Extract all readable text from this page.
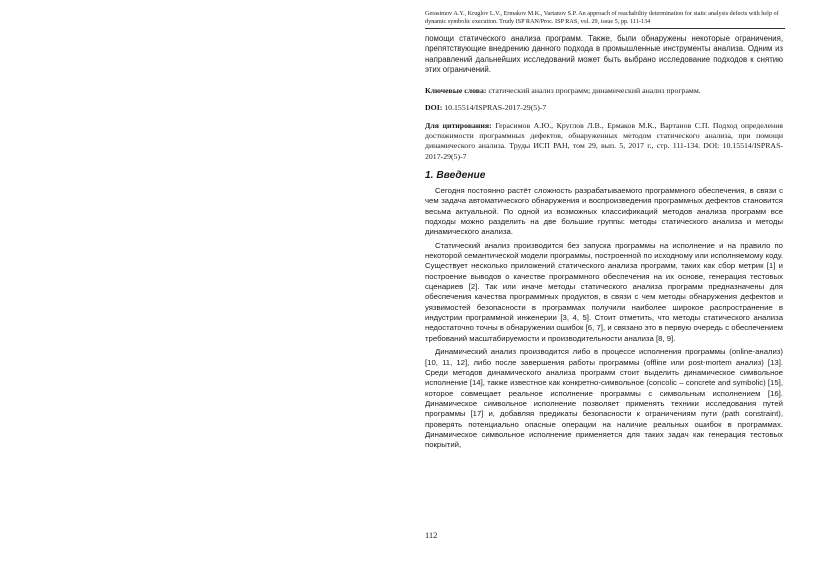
Gerasimov A.Y., Kruglov L.V., Ermakov M.K., Vartanov S.P. An approach of reachability determination for static analysis defects with help of dynamic symbolic execution. Trudy ISP RAN/Proc. ISP RAS, vol. 29, issue 5, pp. 111-134
помощи статического анализа программ. Также, были обнаружены некоторые ограничения, препятствующие внедрению данного подхода в промышленные инструменты анализа. Одним из направлений дальнейших исследований может быть выбрано исследование подходов к снятию этих ограничений.
Ключевые слова: статический анализ программ; динамический анализ программ.
DOI: 10.15514/ISPRAS-2017-29(5)-7
Для цитирования: Герасимов А.Ю., Круглов Л.В., Ермаков М.К., Вартанов С.П. Подход определения достижимости программных дефектов, обнаруженных методом статического анализа, при помощи динамического анализа. Труды ИСП РАН, том 29, вып. 5, 2017 г., стр. 111-134. DOI: 10.15514/ISPRAS-2017-29(5)-7
1. Введение

Сегодня постоянно растёт сложность разрабатываемого программного обеспечения, в связи с чем задача автоматического обнаружения и воспроизведения программных дефектов становится весьма актуальной. По одной из возможных классификаций методов анализа программ все подходы можно разделить на две большие группы: методы статического анализа и методы динамического анализа.

Статический анализ производится без запуска программы на исполнение и на правило по некоторой семантической модели программы, построенной по исходному или исполняемому коду. Существует несколько приложений статического анализа программ, таких как сбор метрик [1] и построение выводов о качестве программного обеспечения на их основе, генерация тестовых сценариев [2]. Так или иначе методы статического анализа программ предназначены для обеспечения качества программных продуктов, в связи с чем методы обнаружения дефектов и уязвимостей безопасности в программах получили наиболее широкое распространение в индустрии программной инженерии [3, 4, 5]. Стоит отметить, что методы статического анализа недостаточно точны в обнаружении ошибок [6, 7], и связано это в первую очередь с обеспечением требований масштабируемости и производительности анализа [8, 9].

Динамический анализ производится либо в процессе исполнения программы (online-анализ) [10, 11, 12], либо после завершения работы программы (offline или post-mortem анализ) [13]. Среди методов динамического анализа программ стоит выделить динамическое символьное исполнение [14], также известное как конкретно-символьное (concolic – concrete and symbolic) [15], которое совмещает реальное исполнение программы с символьным исполнением [16]. Динамическое символьное исполнение позволяет применять техники исследования путей программы [17] и, добавляя предикаты безопасности к ограничениям пути (path constraint), проверять потенциально опасные операции на наличие реальных ошибок в программах. Динамическое символьное исполнение применяется для таких задач как генерация тестовых покрытий,

112
